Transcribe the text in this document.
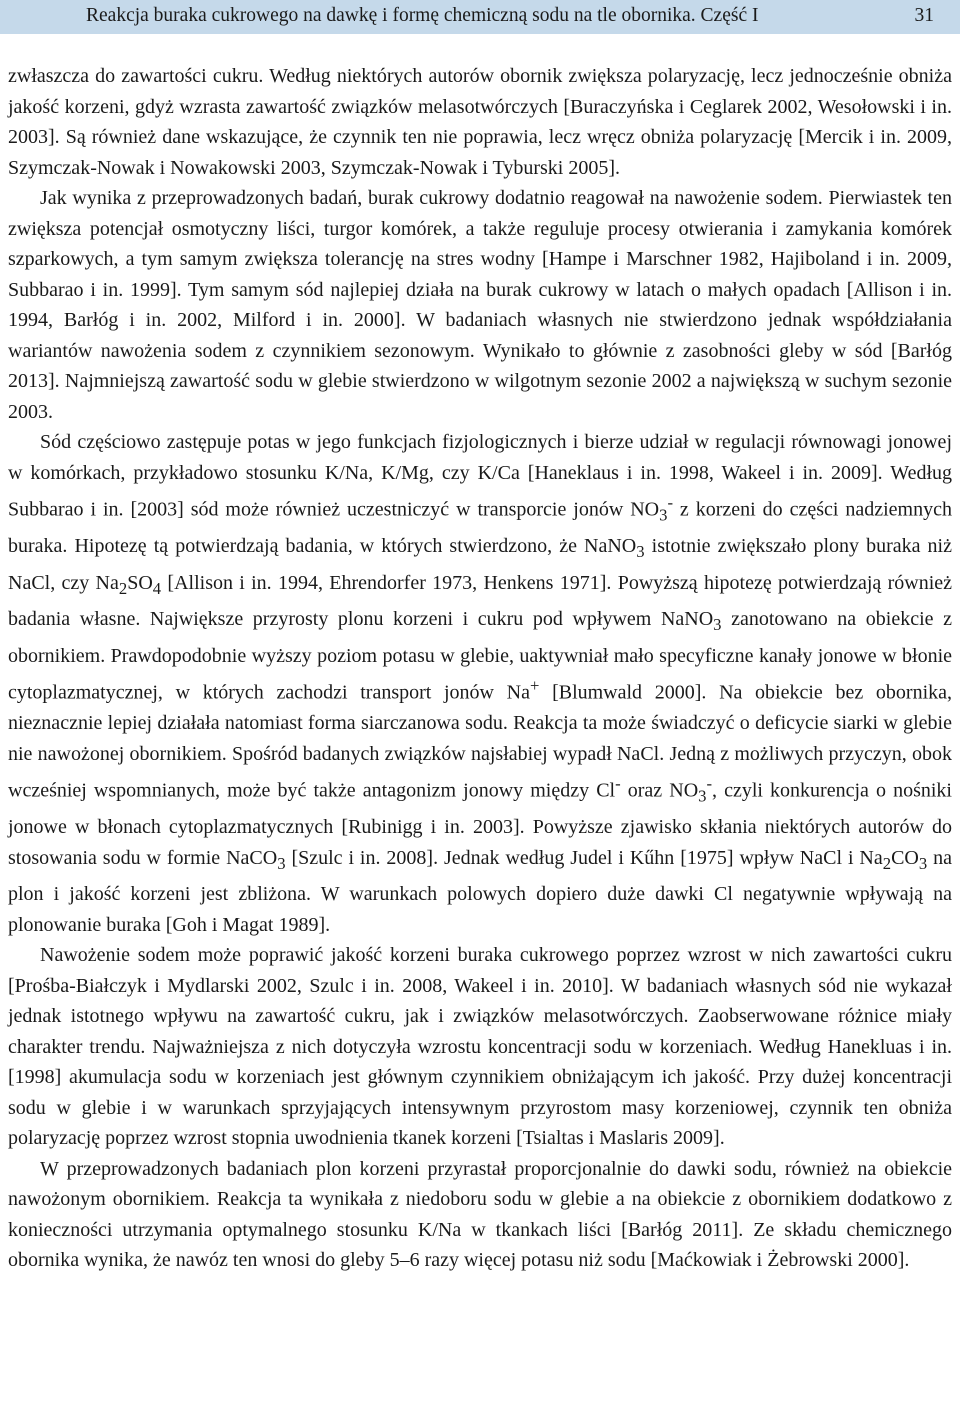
Reakcja buraka cukrowego na dawkę i formę chemiczną sodu na tle obornika. Część I	31

zwłaszcza do zawartości cukru. Według niektórych autorów obornik zwiększa polaryzację, lecz jednocześnie obniża jakość korzeni, gdyż wzrasta zawartość związków melasotwórczych [Buraczyńska i Ceglarek 2002, Wesołowski i in. 2003]. Są również dane wskazujące, że czynnik ten nie poprawia, lecz wręcz obniża polaryzację [Mercik i in. 2009, Szymczak-Nowak i Nowakowski 2003, Szymczak-Nowak i Tyburski 2005].

Jak wynika z przeprowadzonych badań, burak cukrowy dodatnio reagował na nawożenie sodem. Pierwiastek ten zwiększa potencjał osmotyczny liści, turgor komórek, a także reguluje procesy otwierania i zamykania komórek szparkowych, a tym samym zwiększa tolerancję na stres wodny [Hampe i Marschner 1982, Hajiboland i in. 2009, Subbarao i in. 1999]. Tym samym sód najlepiej działa na burak cukrowy w latach o małych opadach [Allison i in. 1994, Barłóg i in. 2002, Milford i in. 2000]. W badaniach własnych nie stwierdzono jednak współdziałania wariantów nawożenia sodem z czynnikiem sezonowym. Wynikało to głównie z zasobności gleby w sód [Barłóg 2013]. Najmniejszą zawartość sodu w glebie stwierdzono w wilgotnym sezonie 2002 a największą w suchym sezonie 2003.

Sód częściowo zastępuje potas w jego funkcjach fizjologicznych i bierze udział w regulacji równowagi jonowej w komórkach, przykładowo stosunku K/Na, K/Mg, czy K/Ca [Haneklaus i in. 1998, Wakeel i in. 2009]. Według Subbarao i in. [2003] sód może również uczestniczyć w transporcie jonów $NO_3^-$ z korzeni do części nadziemnych buraka. Hipotezę tą potwierdzają badania, w których stwierdzono, że NaNO$_3$ istotnie zwiększało plony buraka niż NaCl, czy $Na_2SO_4$ [Allison i in. 1994, Ehrendorfer 1973, Henkens 1971]. Powyższą hipotezę potwierdzają również badania własne. Największe przyrosty plonu korzeni i cukru pod wpływem NaNO$_3$ zanotowano na obiekcie z obornikiem. Prawdopodobnie wyższy poziom potasu w glebie, uaktywniał mało specyficzne kanały jonowe w błonie cytoplazmatycznej, w których zachodzi transport jonów Na+ [Blumwald 2000]. Na obiekcie bez obornika, nieznacznie lepiej działała natomiast forma siarczanowa sodu. Reakcja ta może świadczyć o deficycie siarki w glebie nie nawożonej obornikiem. Spośród badanych związków najsłabiej wypadł NaCl. Jedną z możliwych przyczyn, obok wcześniej wspomnianych, może być także antagonizm jonowy między Cl- oraz $NO_3^-$, czyli konkurencja o nośniki jonowe w błonach cytoplazmatycznych [Rubinigg i in. 2003]. Powyższe zjawisko skłania niektórych autorów do stosowania sodu w formie NaCO$_3$ [Szulc i in. 2008]. Jednak według Judel i Kűhn [1975] wpływ NaCl i $Na_2CO_3$ na plon i jakość korzeni jest zbliżona. W warunkach polowych dopiero duże dawki Cl negatywnie wpływają na plonowanie buraka [Goh i Magat 1989].

Nawożenie sodem może poprawić jakość korzeni buraka cukrowego poprzez wzrost w nich zawartości cukru [Prośba-Białczyk i Mydlarski 2002, Szulc i in. 2008, Wakeel i in. 2010]. W badaniach własnych sód nie wykazał jednak istotnego wpływu na zawartość cukru, jak i związków melasotwórczych. Zaobserwowane różnice miały charakter trendu. Najważniejsza z nich dotyczyła wzrostu koncentracji sodu w korzeniach. Według Hanekluas i in. [1998] akumulacja sodu w korzeniach jest głównym czynnikiem obniżającym ich jakość. Przy dużej koncentracji sodu w glebie i w warunkach sprzyjających intensywnym przyrostom masy korzeniowej, czynnik ten obniża polaryzację poprzez wzrost stopnia uwodnienia tkanek korzeni [Tsialtas i Maslaris 2009].

W przeprowadzonych badaniach plon korzeni przyrastał proporcjonalnie do dawki sodu, również na obiekcie nawożonym obornikiem. Reakcja ta wynikała z niedoboru sodu w glebie a na obiekcie z obornikiem dodatkowo z konieczności utrzymania optymalnego stosunku K/Na w tkankach liści [Barłóg 2011]. Ze składu chemicznego obornika wynika, że nawóz ten wnosi do gleby 5–6 razy więcej potasu niż sodu [Maćkowiak i Żebrowski 2000].
